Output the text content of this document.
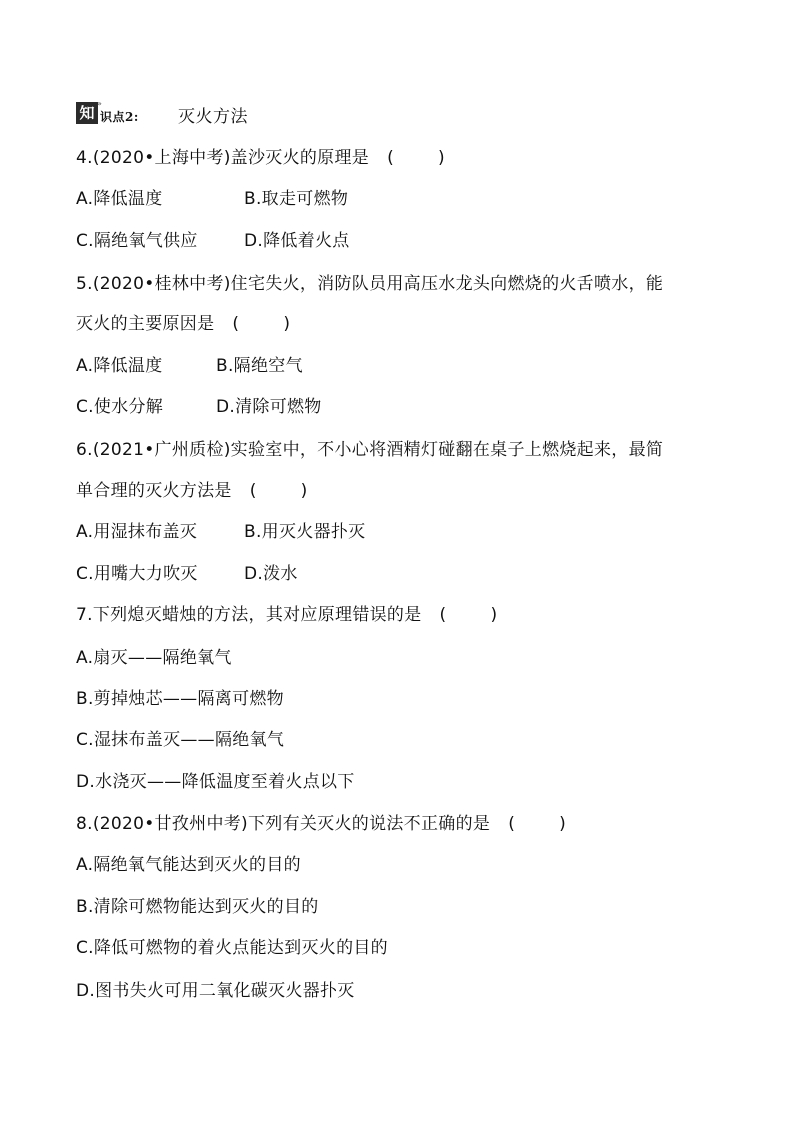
知
»
识点2: 灭火方法
4.(2020•上海中考)盖沙灭火的原理是 (	)
A.降低温度	B.取走可燃物
C.隔绝氧气供应	D.降低着火点
5.(2020•桂林中考)住宅失火，消防队员用高压水龙头向燃烧的火舌喷水，能
灭火的主要原因是 (	)
A.降低温度	B.隔绝空气
C.使水分解	D.清除可燃物
6.(2021•广州质检)实验室中，不小心将酒精灯碰翻在桌子上燃烧起来，最简
单合理的灭火方法是 (	)
A.用湿抹布盖灭	B.用灭火器扑灭
C.用嘴大力吹灭	D.泼水
7.下列熄灭蜡烛的方法，其对应原理错误的是 (	)
A.扇灭——隔绝氧气
B.剪掉烛芯——隔离可燃物
C.湿抹布盖灭——隔绝氧气
D.水浇灭——降低温度至着火点以下
8.(2020•甘孜州中考)下列有关灭火的说法不正确的是 (	)
A.隔绝氧气能达到灭火的目的
B.清除可燃物能达到灭火的目的
C.降低可燃物的着火点能达到灭火的目的
D.图书失火可用二氧化碳灭火器扑灭
